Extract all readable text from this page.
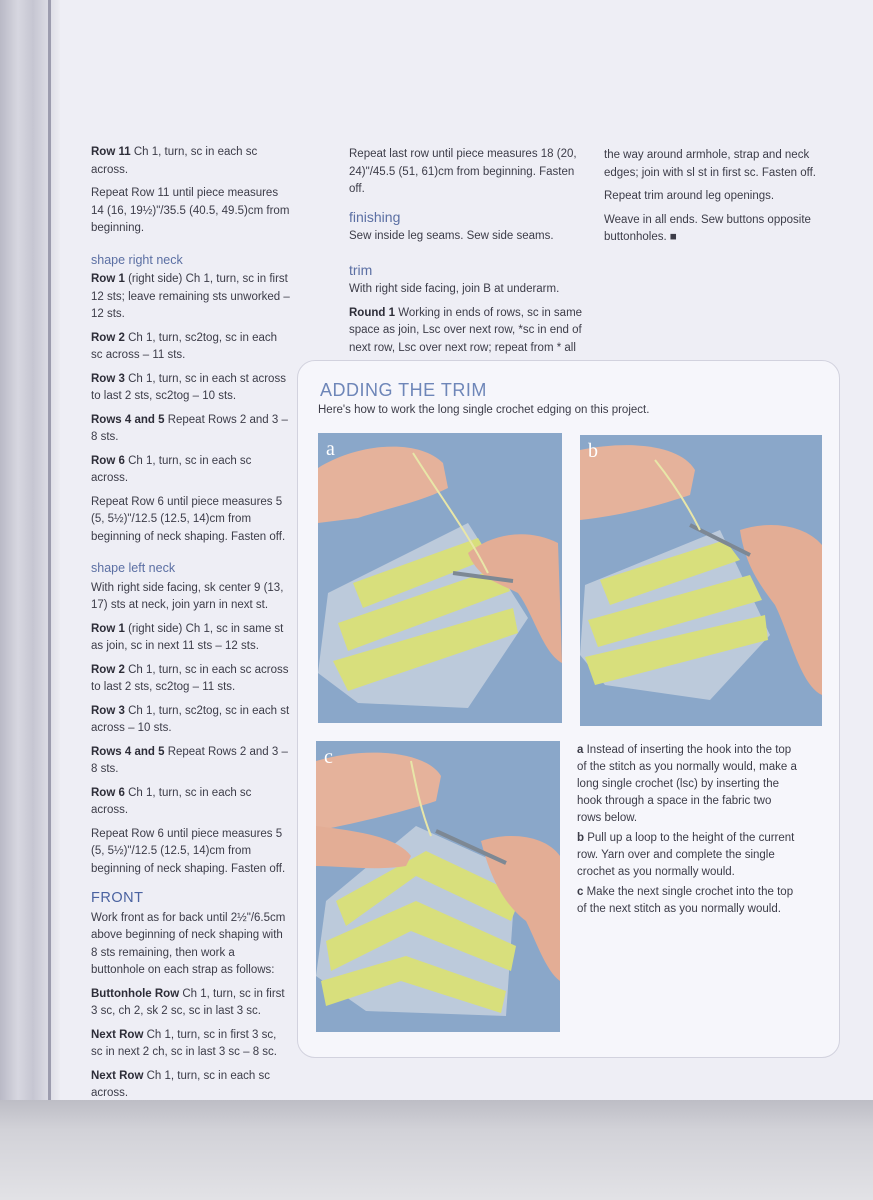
Row 11 Ch 1, turn, sc in each sc across.

Repeat Row 11 until piece measures 14 (16, 19½)"/35.5 (40.5, 49.5)cm from beginning.

shape right neck

Row 1 (right side) Ch 1, turn, sc in first 12 sts; leave remaining sts unworked – 12 sts.

Row 2 Ch 1, turn, sc2tog, sc in each sc across – 11 sts.

Row 3 Ch 1, turn, sc in each st across to last 2 sts, sc2tog – 10 sts.

Rows 4 and 5 Repeat Rows 2 and 3 – 8 sts.

Row 6 Ch 1, turn, sc in each sc across.

Repeat Row 6 until piece measures 5 (5, 5½)"/12.5 (12.5, 14)cm from beginning of neck shaping. Fasten off.

shape left neck

With right side facing, sk center 9 (13, 17) sts at neck, join yarn in next st.

Row 1 (right side) Ch 1, sc in same st as join, sc in next 11 sts – 12 sts.

Row 2 Ch 1, turn, sc in each sc across to last 2 sts, sc2tog – 11 sts.

Row 3 Ch 1, turn, sc2tog, sc in each st across – 10 sts.

Rows 4 and 5 Repeat Rows 2 and 3 – 8 sts.

Row 6 Ch 1, turn, sc in each sc across.

Repeat Row 6 until piece measures 5 (5, 5½)"/12.5 (12.5, 14)cm from beginning of neck shaping. Fasten off.

FRONT

Work front as for back until 2½"/6.5cm above beginning of neck shaping with 8 sts remaining, then work a buttonhole on each strap as follows:

Buttonhole Row Ch 1, turn, sc in first 3 sc, ch 2, sk 2 sc, sc in last 3 sc.

Next Row Ch 1, turn, sc in first 3 sc, sc in next 2 ch, sc in last 3 sc – 8 sc.

Next Row Ch 1, turn, sc in each sc across.

Repeat last row until piece measures 18 (20, 24)"/45.5 (51, 61)cm from beginning. Fasten off.

finishing

Sew inside leg seams. Sew side seams.

trim

With right side facing, join B at underarm.

Round 1 Working in ends of rows, sc in same space as join, Lsc over next row, *sc in end of next row, Lsc over next row; repeat from * all

the way around armhole, strap and neck edges; join with sl st in first sc. Fasten off.

Repeat trim around leg openings.

Weave in all ends. Sew buttons opposite buttonholes. ■

ADDING THE TRIM
Here's how to work the long single crochet edging on this project.
a	b
c	a Instead of inserting the hook into the top of the stitch as you normally would, make a long single crochet (lsc) by inserting the hook through a space in the fabric two rows below.

b Pull up a loop to the height of the current row. Yarn over and complete the single crochet as you normally would.

c Make the next single crochet into the top of the next stitch as you normally would.
